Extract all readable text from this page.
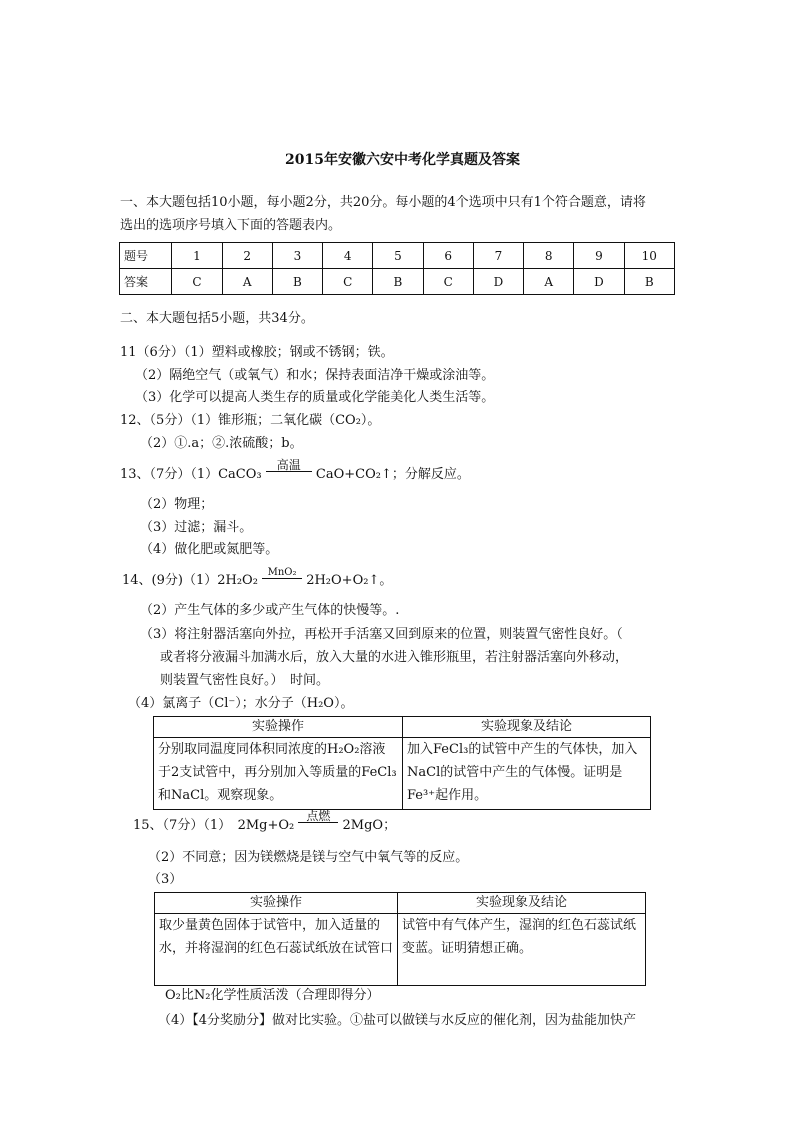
2015年安徽六安中考化学真题及答案
一、本大题包括10小题，每小题2分，共20分。每小题的4个选项中只有1个符合题意，请将
选出的选项序号填入下面的答题表内。
题号	1	2	3	4	5	6	7	8	9	10
答案	C	A	B	C	B	C	D	A	D	B
二、本大题包括5小题，共34分。
11（6分）（1）塑料或橡胶；钢或不锈钢；铁。
（2）隔绝空气（或氧气）和水；保持表面洁净干燥或涂油等。
（3）化学可以提高人类生存的质量或化学能美化人类生活等。
12、（5分）（1）锥形瓶；二氧化碳（CO₂）。
（2）①.a；②.浓硫酸；b。
13、（7分）（1）CaCO₃
高温
CaO+CO₂↑；分解反应。
（2）物理；
（3）过滤；漏斗。
（4）做化肥或氮肥等。
14、(9分)（1）2H₂O₂
MnO₂
2H₂O+O₂↑。
（2）产生气体的多少或产生气体的快慢等。.
（3）将注射器活塞向外拉，再松开手活塞又回到原来的位置，则装置气密性良好。（
或者将分液漏斗加满水后，放入大量的水进入锥形瓶里，若注射器活塞向外移动，
则装置气密性良好。）　时间。
（4）氯离子（Cl⁻）；水分子（H₂O）。
实验操作	实验现象及结论
分别取同温度同体积同浓度的H₂O₂溶液于2支试管中，再分别加入等质量的FeCl₃和NaCl。观察现象。	加入FeCl₃的试管中产生的气体快，加入NaCl的试管中产生的气体慢。证明是Fe³⁺起作用。
15、（7分）（1）　2Mg+O₂
点燃
2MgO；
（2）不同意；因为镁燃烧是镁与空气中氧气等的反应。
（3）
实验操作	实验现象及结论
取少量黄色固体于试管中，加入适量的水，并将湿润的红色石蕊试纸放在试管口	试管中有气体产生，湿润的红色石蕊试纸变蓝。证明猜想正确。
O₂比N₂化学性质活泼（合理即得分）
（4）【4分奖励分】做对比实验。①盐可以做镁与水反应的催化剂，因为盐能加快产
